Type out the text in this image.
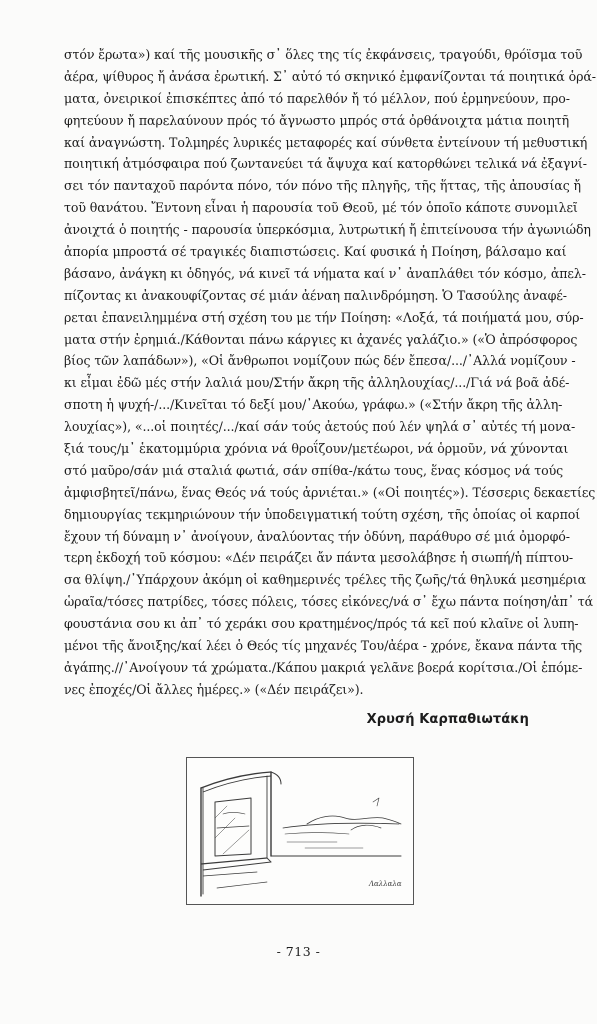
στόν ἔρωτα») καί τῆς μουσικῆς σ᾿ ὅλες της τίς ἐκφάνσεις, τραγούδι, θρόϊσμα τοῦ
ἀέρα, ψίθυρος ἤ ἀνάσα ἐρωτική. Σ᾿ αὐτό τό σκηνικό ἐμφανίζονται τά ποιητικά ὁρά-
ματα, ὀνειρικοί ἐπισκέπτες ἀπό τό παρελθόν ἤ τό μέλλον, πού ἑρμηνεύουν, προ-
φητεύουν ἤ παρελαύνουν πρός τό ἄγνωστο μπρός στά ὀρθάνοιχτα μάτια ποιητῆ
καί ἀναγνώστη. Τολμηρές λυρικές μεταφορές καί σύνθετα ἐντείνουν τή μεθυστική
ποιητική ἀτμόσφαιρα πού ζωντανεύει τά ἄψυχα καί κατορθώνει τελικά νά ἐξαγνί-
σει τόν πανταχοῦ παρόντα πόνο, τόν πόνο τῆς πληγῆς, τῆς ἥττας, τῆς ἀπουσίας ἤ
τοῦ θανάτου. Ἔντονη εἶναι ἡ παρουσία τοῦ Θεοῦ, μέ τόν ὁποῖο κάποτε συνομιλεῖ
ἀνοιχτά ὁ ποιητής - παρουσία ὑπερκόσμια, λυτρωτική ἤ ἐπιτείνουσα τήν ἀγωνιώδη
ἀπορία μπροστά σέ τραγικές διαπιστώσεις. Καί φυσικά ἡ Ποίηση, βάλσαμο καί
βάσανο, ἀνάγκη κι ὁδηγός, νά κινεῖ τά νήματα καί ν᾿ ἀναπλάθει τόν κόσμο, ἀπελ-
πίζοντας κι ἀνακουφίζοντας σέ μιάν ἀέναη παλινδρόμηση. Ὁ Τασούλης ἀναφέ-
ρεται ἐπανειλημμένα στή σχέση του με τήν Ποίηση: «Λοξά, τά ποιήματά μου, σύρ-
ματα στήν ἐρημιά./Κάθονται πάνω κάργιες κι ἀχανές γαλάζιο.» («Ὁ ἀπρόσφορος
βίος τῶν λαπάδων»), «Οἱ ἄνθρωποι νομίζουν πώς δέν ἔπεσα/.../᾿Αλλά νομίζουν -
κι εἶμαι ἐδῶ μές στήν λαλιά μου/Στήν ἄκρη τῆς ἀλληλουχίας/.../Γιά νά βοᾶ ἀδέ-
σποτη ἡ ψυχή-/.../Κινεῖται τό δεξί μου/᾿Ακούω, γράφω.» («Στήν ἄκρη τῆς ἀλλη-
λουχίας»), «...οἱ ποιητές/.../καί σάν τούς ἀετούς πού λέν ψηλά σ᾿ αὐτές τή μονα-
ξιά τους/μ᾿ ἑκατομμύρια χρόνια νά θροΐζουν/μετέωροι, νά ὁρμοῦν, νά χύνονται
στό μαῦρο/σάν μιά σταλιά φωτιά, σάν σπίθα-/κάτω τους, ἕνας κόσμος νά τούς
ἀμφισβητεῖ/πάνω, ἕνας Θεός νά τούς ἀρνιέται.» («Οἱ ποιητές»). Τέσσερις δεκαετίες
δημιουργίας τεκμηριώνουν τήν ὑποδειγματική τούτη σχέση, τῆς ὁποίας οἱ καρποί
ἔχουν τή δύναμη ν᾿ ἀνοίγουν, ἀναλύοντας τήν ὀδύνη, παράθυρο σέ μιά ὀμορφό-
τερη ἐκδοχή τοῦ κόσμου: «Δέν πειράζει ἄν πάντα μεσολάβησε ἡ σιωπή/ἡ πίπτου-
σα θλίψη./᾿Υπάρχουν ἀκόμη οἱ καθημερινές τρέλες τῆς ζωῆς/τά θηλυκά μεσημέρια
ὡραῖα/τόσες πατρίδες, τόσες πόλεις, τόσες εἰκόνες/νά σ᾿ ἔχω πάντα ποίηση/ἀπ᾿ τά
φουστάνια σου κι ἀπ᾿ τό χεράκι σου κρατημένος/πρός τά κεῖ πού κλαῖνε οἱ λυπη-
μένοι τῆς ἄνοιξης/καί λέει ὁ Θεός τίς μηχανές Του/ἀέρα - χρόνε, ἔκανα πάντα τῆς
ἀγάπης.//᾿Ανοίγουν τά χρώματα./Κάπου μακριά γελᾶνε βοερά κορίτσια./Οἱ ἑπόμε-
νες ἐποχές/Οἱ ἄλλες ἡμέρες.» («Δέν πειράζει»).
Χρυσή Καρπαθιωτάκη
Λαλλαλα
- 713 -
